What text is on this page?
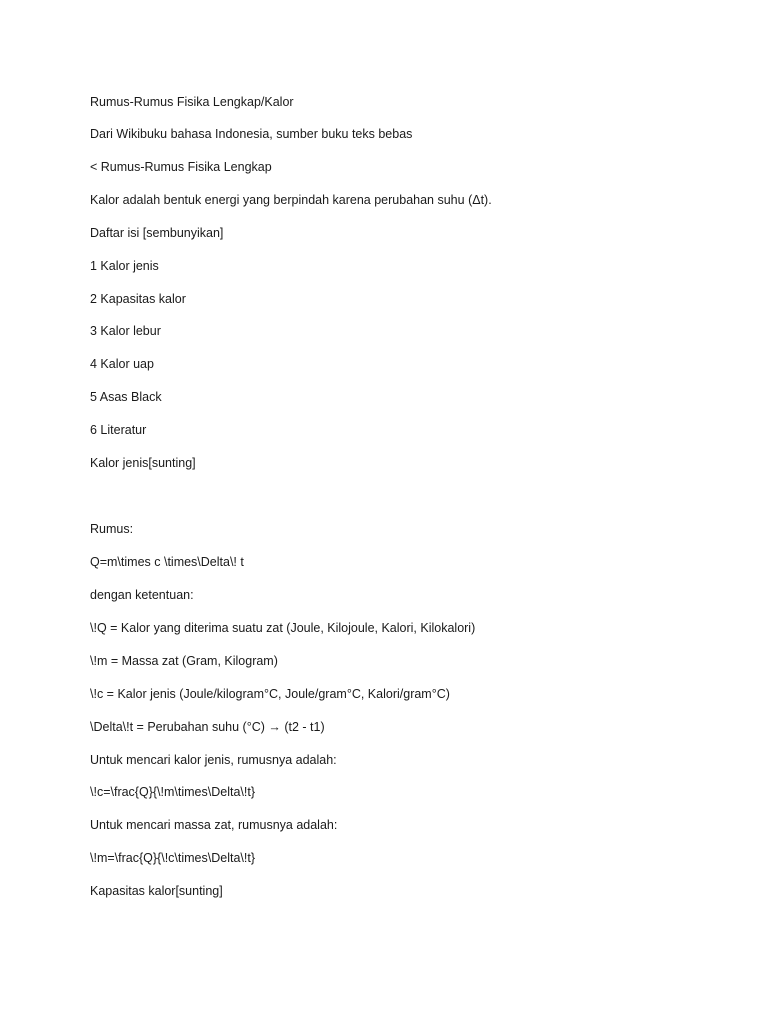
Rumus-Rumus Fisika Lengkap/Kalor
Dari Wikibuku bahasa Indonesia, sumber buku teks bebas
< Rumus-Rumus Fisika Lengkap
Kalor adalah bentuk energi yang berpindah karena perubahan suhu (Δt).
Daftar isi [sembunyikan]
1 Kalor jenis
2 Kapasitas kalor
3 Kalor lebur
4 Kalor uap
5 Asas Black
6 Literatur
Kalor jenis[sunting]
Rumus:
Q=m\times c \times\Delta\! t
dengan ketentuan:
\!Q = Kalor yang diterima suatu zat (Joule, Kilojoule, Kalori, Kilokalori)
\!m = Massa zat (Gram, Kilogram)
\!c = Kalor jenis (Joule/kilogram°C, Joule/gram°C, Kalori/gram°C)
\Delta\!t = Perubahan suhu (°C) → (t2 - t1)
Untuk mencari kalor jenis, rumusnya adalah:
\!c=\frac{Q}{\!m\times\Delta\!t}
Untuk mencari massa zat, rumusnya adalah:
\!m=\frac{Q}{\!c\times\Delta\!t}
Kapasitas kalor[sunting]
